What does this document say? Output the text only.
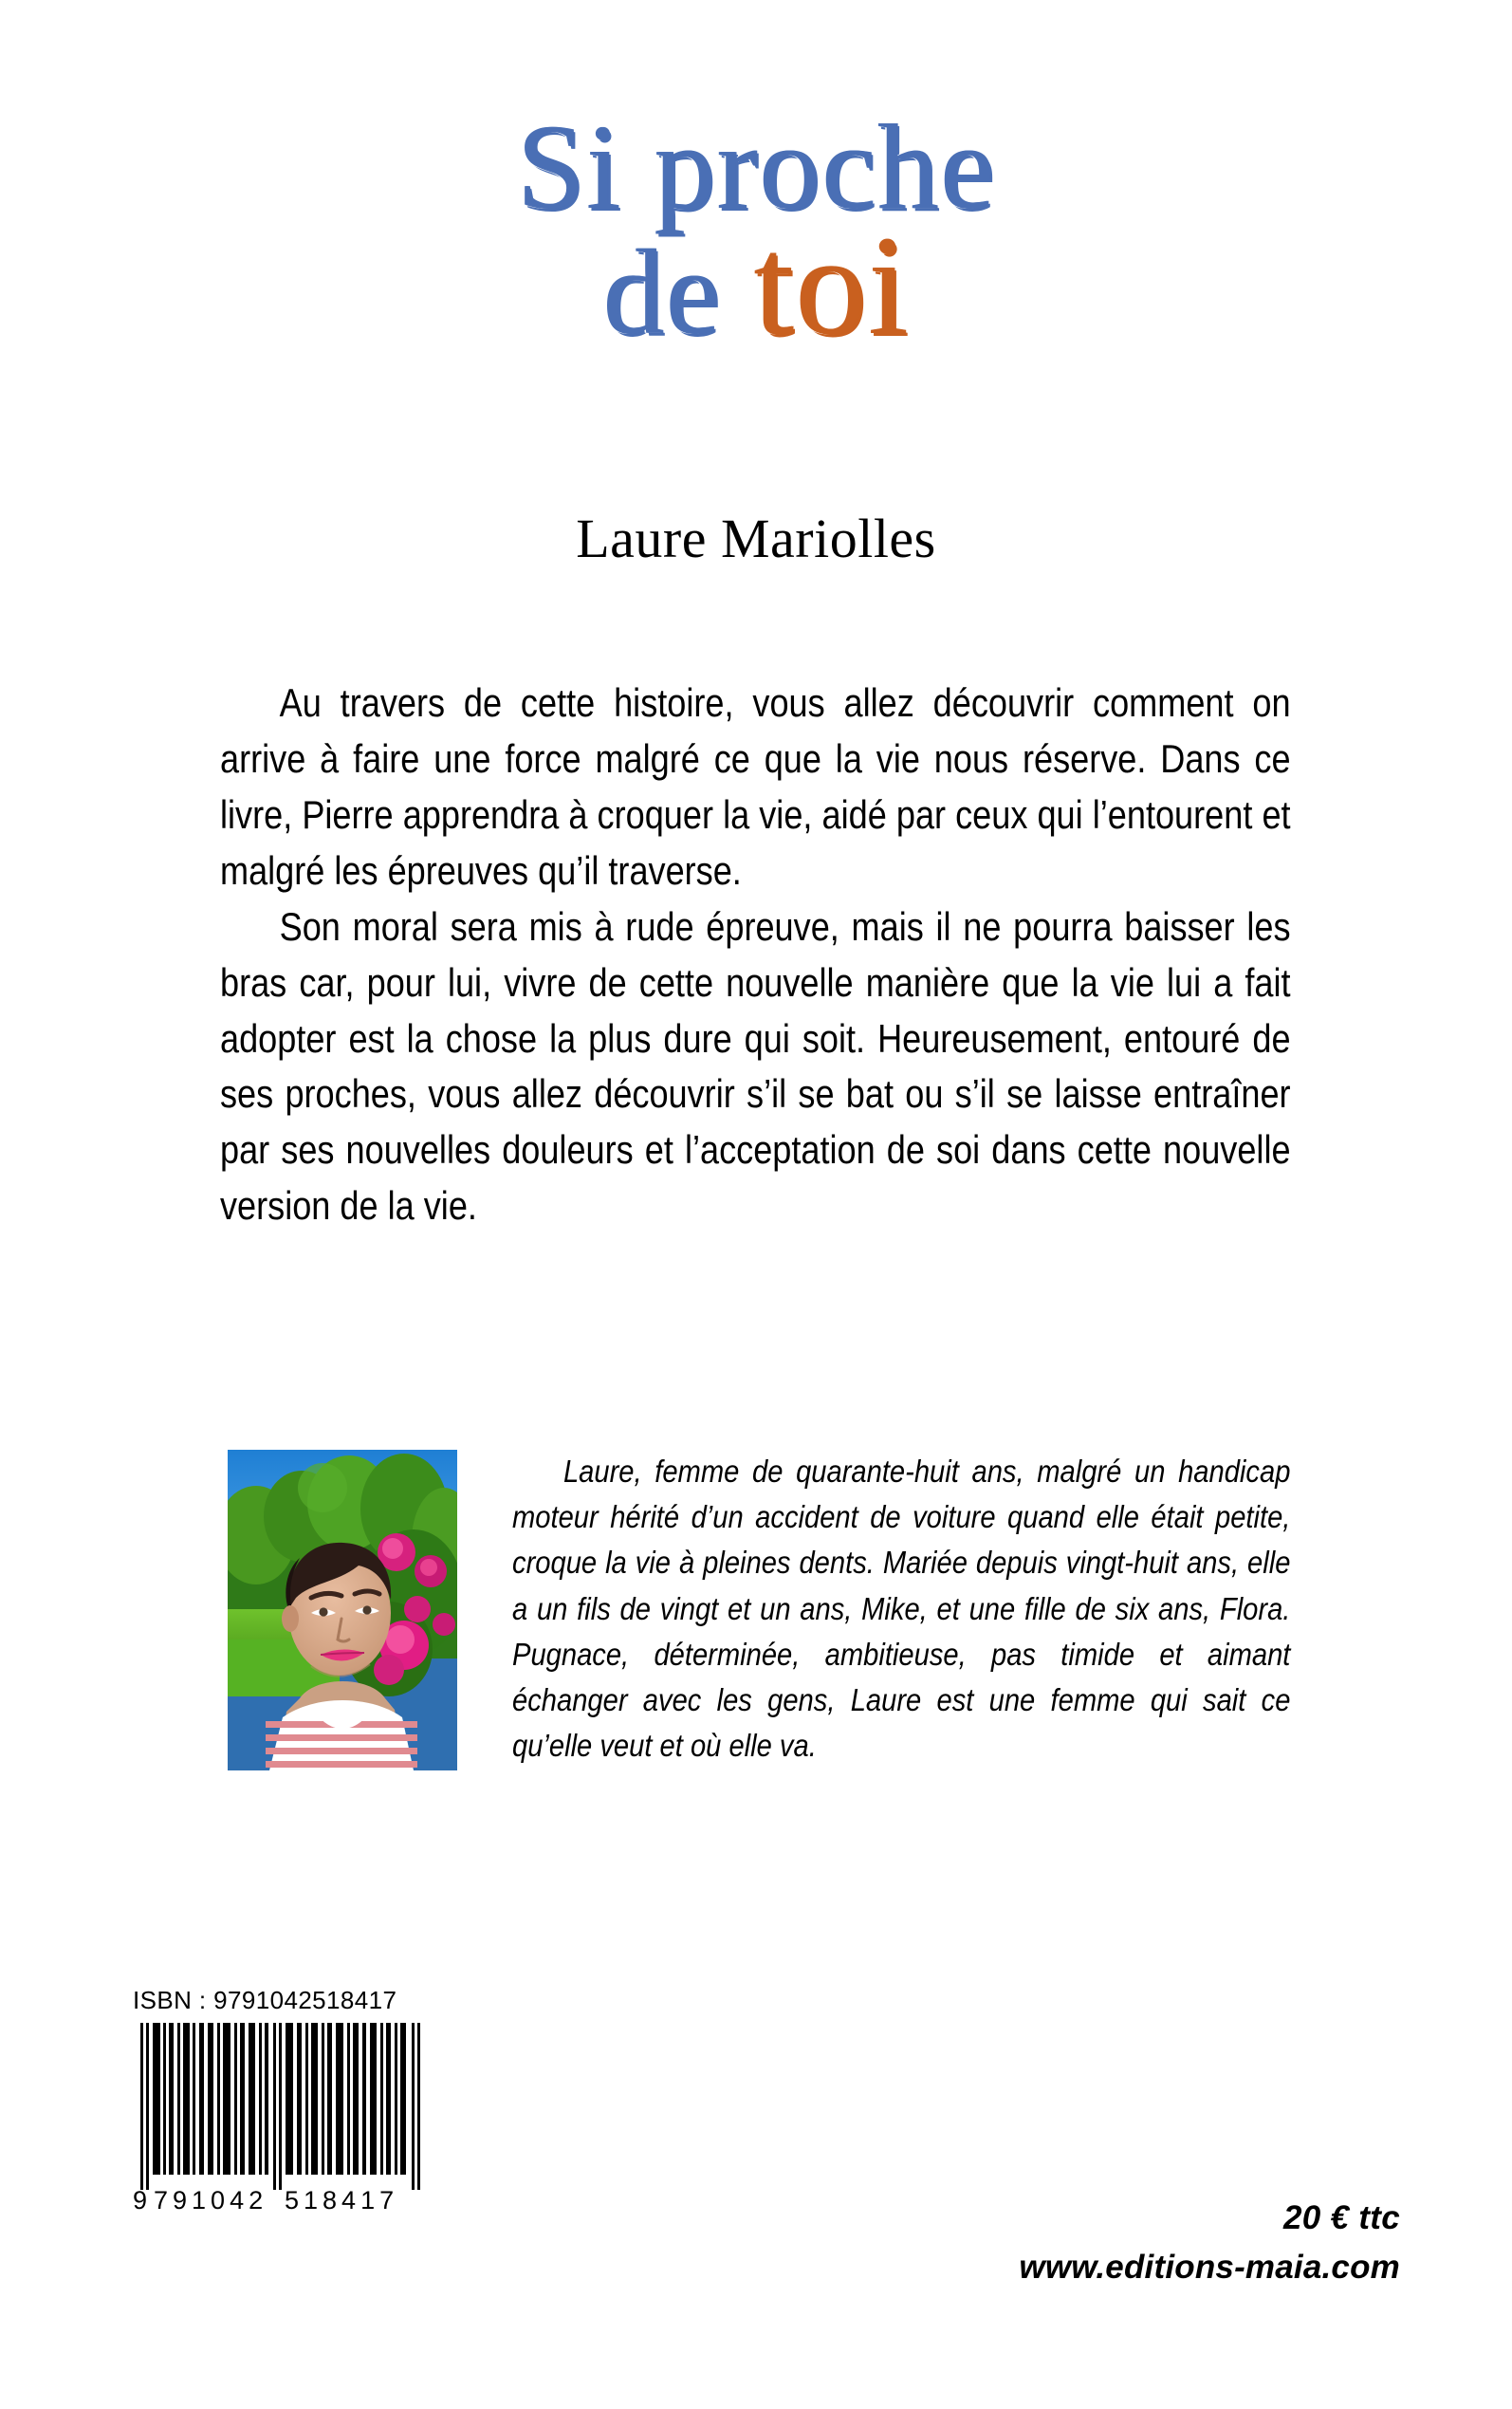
Si proche
de toi
Laure Mariolles

Au travers de cette histoire, vous allez découvrir comment on arrive à faire une force malgré ce que la vie nous réserve. Dans ce livre, Pierre apprendra à croquer la vie, aidé par ceux qui l’entourent et malgré les épreuves qu’il traverse.

Son moral sera mis à rude épreuve, mais il ne pourra baisser les bras car, pour lui, vivre de cette nouvelle manière que la vie lui a fait adopter est la chose la plus dure qui soit. Heureusement, entouré de ses proches, vous allez découvrir s’il se bat ou s’il se laisse entraîner par ses nouvelles douleurs et l’acceptation de soi dans cette nouvelle version de la vie.

Laure, femme de quarante-huit ans, malgré un handicap moteur hérité d’un accident de voiture quand elle était petite, croque la vie à pleines dents. Mariée depuis vingt-huit ans, elle a un fils de vingt et un ans, Mike, et une fille de six ans, Flora. Pugnace, déterminée, ambitieuse, pas timide et aimant échanger avec les gens, Laure est une femme qui sait ce qu’elle veut et où elle va.

ISBN : 9791042518417
9 791042 518417	20 € ttc
www.editions-maia.com
